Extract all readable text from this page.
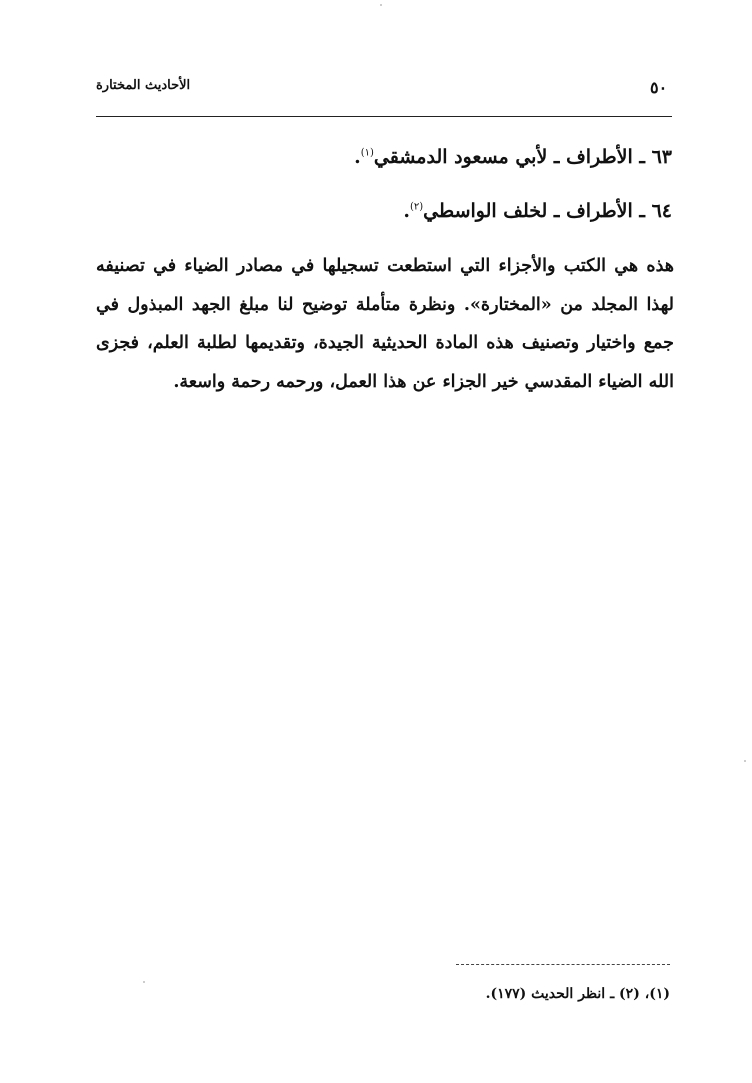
الأحاديث المختارة	٥٠
٦٣ ـ الأطراف ـ لأبي مسعود الدمشقي$^{(١)}$.
٦٤ ـ الأطراف ـ لخلف الواسطي$^{(٢)}$.

هذه هي الكتب والأجزاء التي استطعت تسجيلها في مصادر الضياء في تصنيفه لهذا المجلد من «المختارة». ونظرة متأملة توضيح لنا مبلغ الجهد المبذول في جمع واختيار وتصنيف هذه المادة الحديثية الجيدة، وتقديمها لطلبة العلم، فجزى الله الضياء المقدسي خير الجزاء عن هذا العمل، ورحمه رحمة واسعة.

(١)، (٢) ـ انظر الحديث (١٧٧).
